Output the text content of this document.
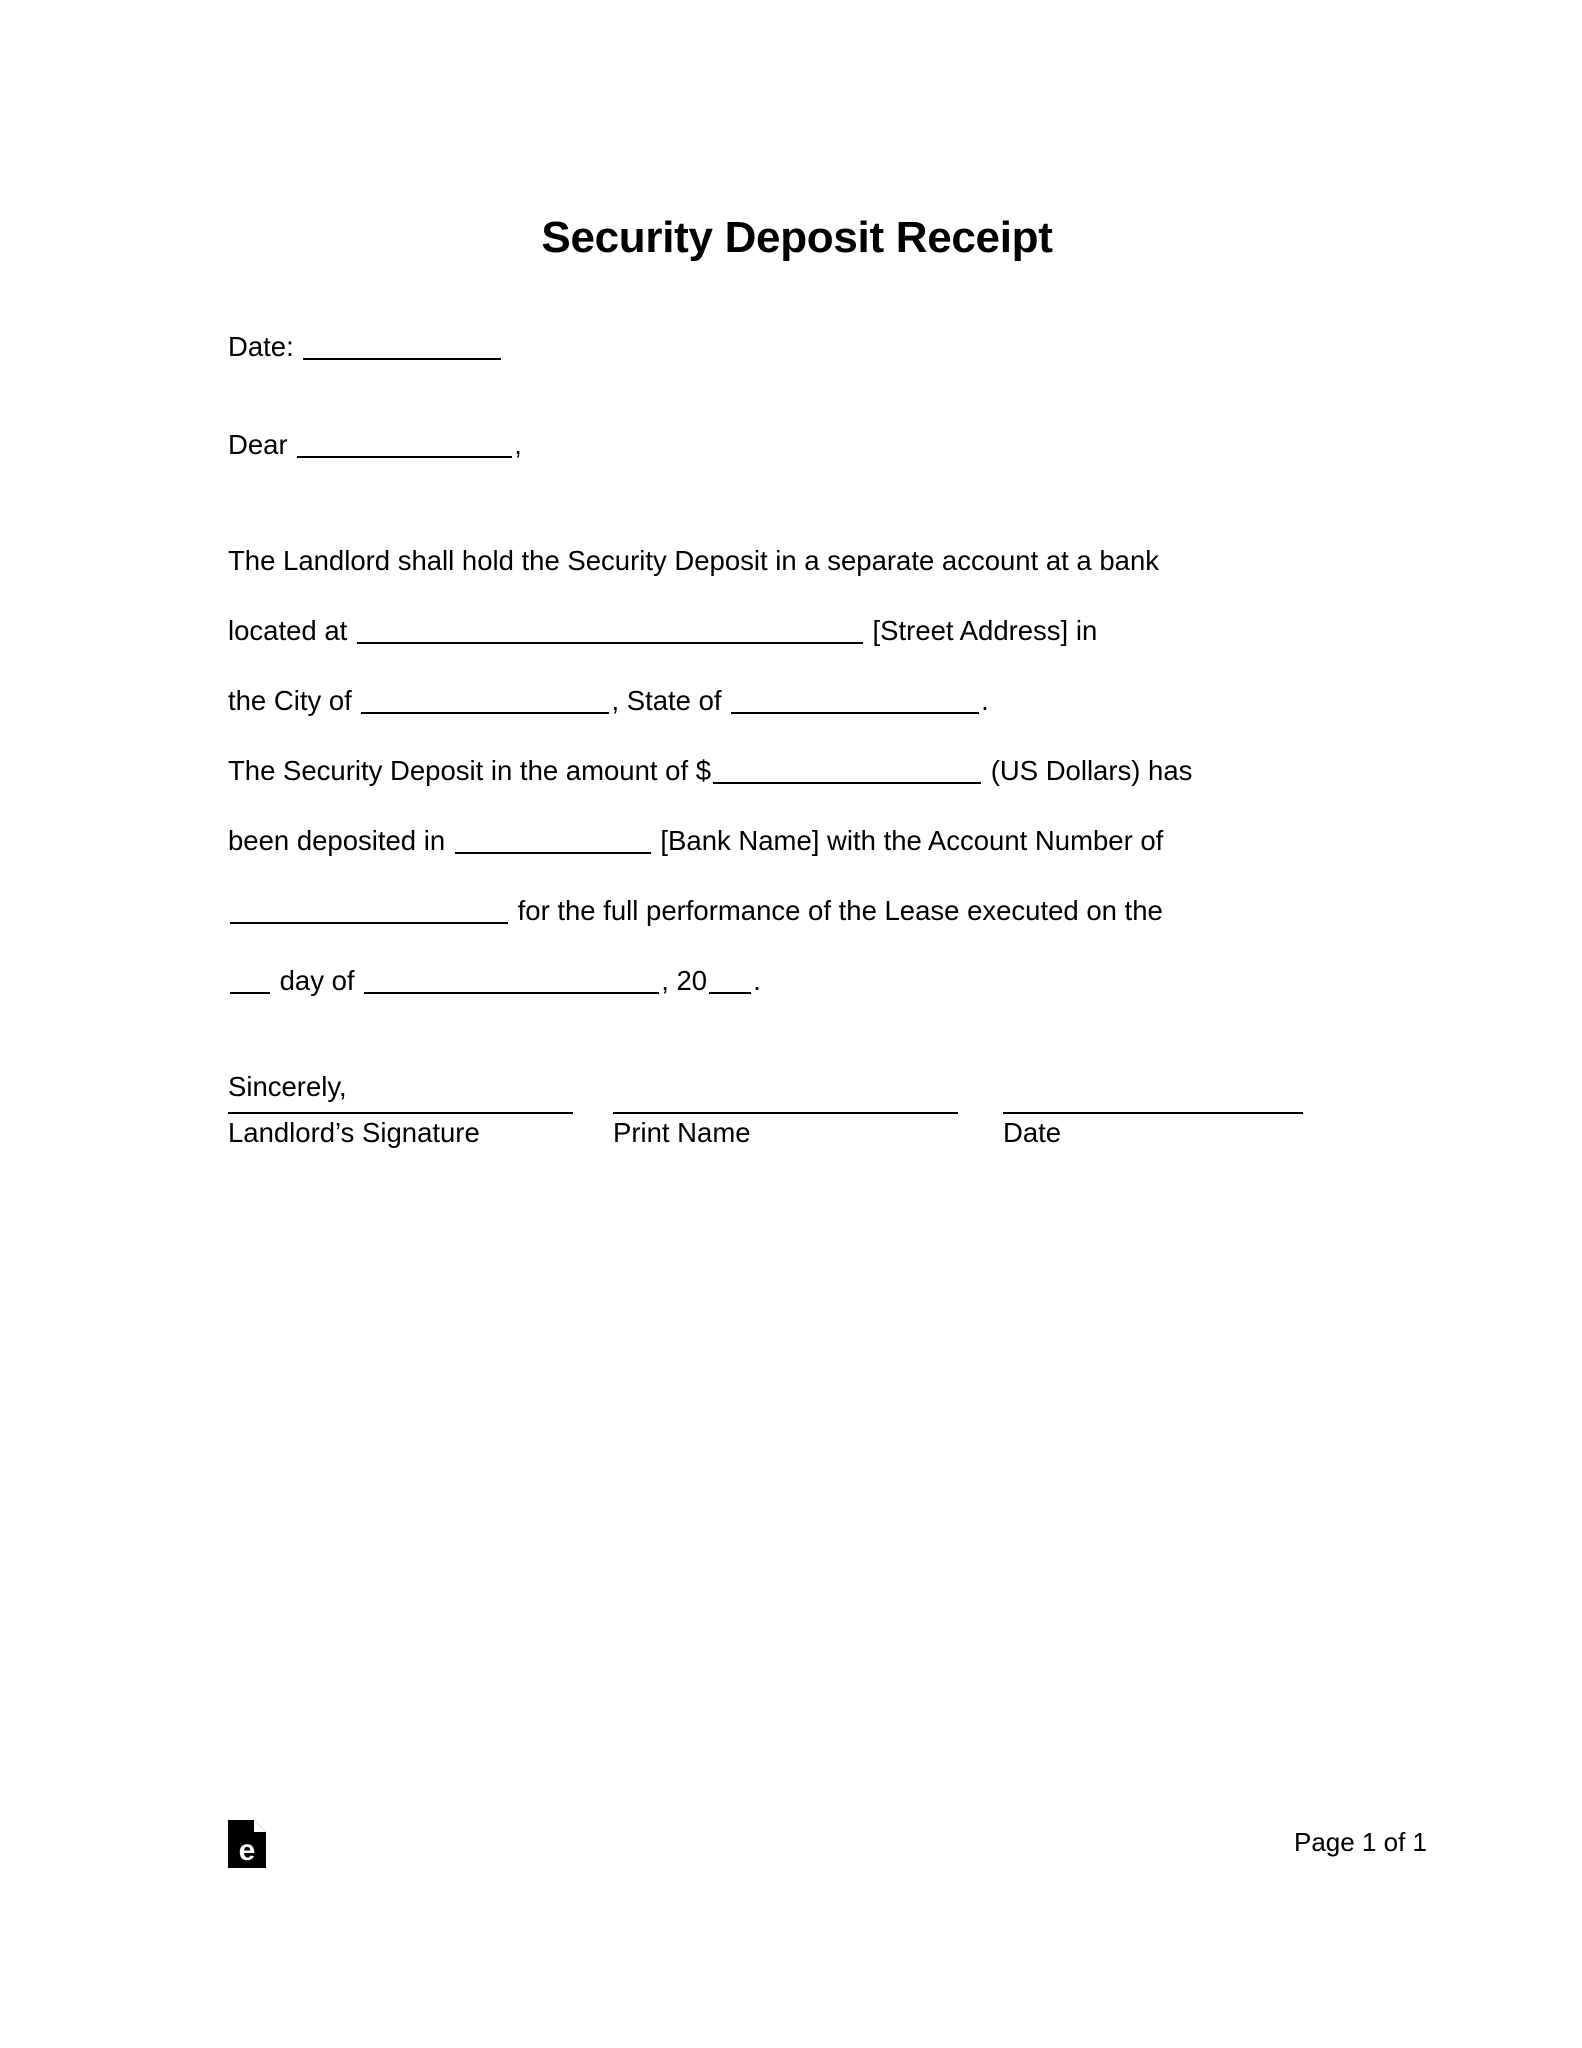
Security Deposit Receipt
Date:
Dear	,
The Landlord shall hold the Security Deposit in a separate account at a bank
located at	[Street Address] in
the City of	, State of	.
The Security Deposit in the amount of $	(US Dollars) has
been deposited in	[Bank Name] with the Account Number of
for the full performance of the Lease executed on the
day of	, 20 .
Sincerely,
Landlord’s Signature	Print Name	Date
e	Page 1 of 1
